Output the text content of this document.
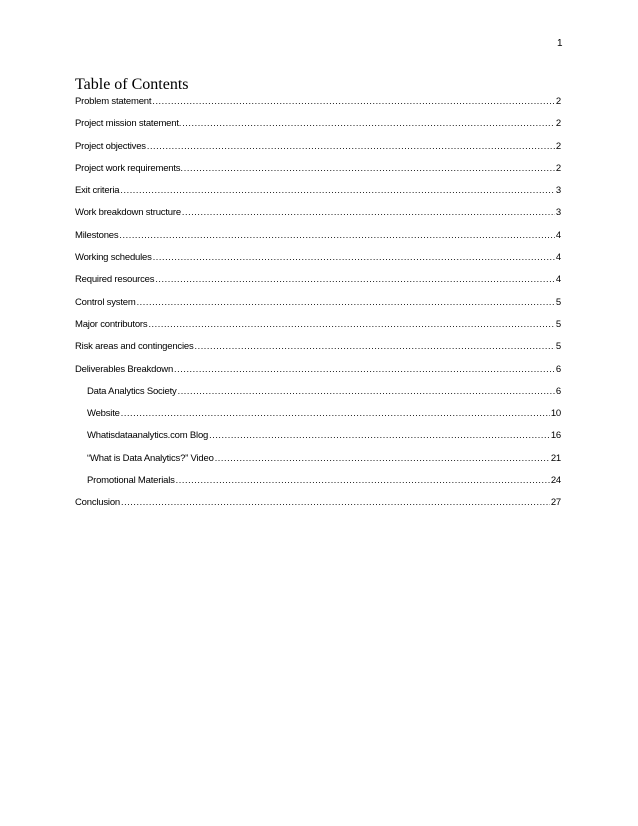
1
Table of Contents
Problem statement .....	2
Project mission statement. .....	2
Project objectives .....	2
Project work requirements. .....	2
Exit criteria .....	3
Work breakdown structure .....	3
Milestones .....	4
Working schedules .....	4
Required resources .....	4
Control system .....	5
Major contributors .....	5
Risk areas and contingencies .....	5
Deliverables Breakdown .....	6
Data Analytics Society .....	6
Website .....	10
Whatisdataanalytics.com Blog .....	16
“What is Data Analytics?” Video .....	21
Promotional Materials .....	24
Conclusion .....	27
